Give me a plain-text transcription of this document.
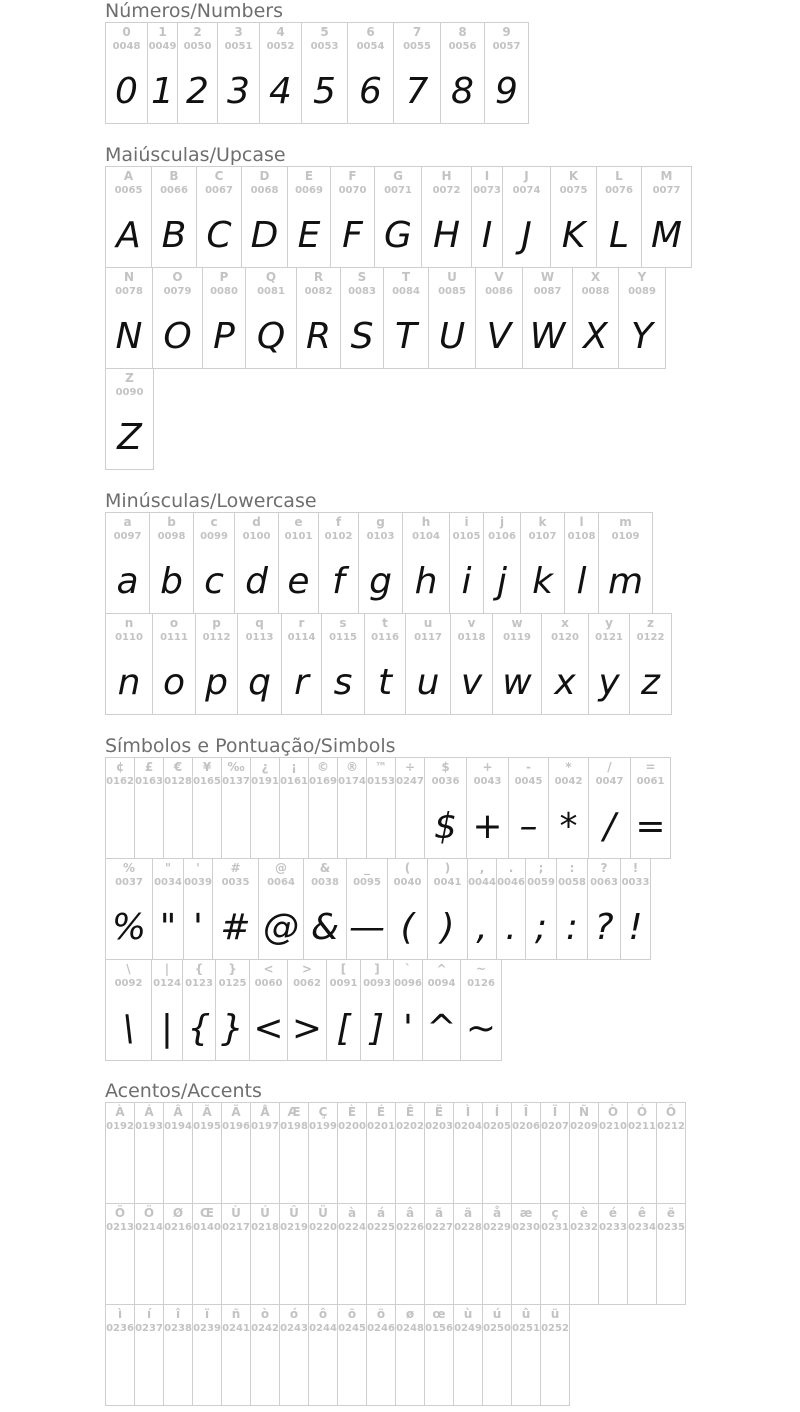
Números/Numbers
0
0048
0
1
0049
1
2
0050
2
3
0051
3
4
0052
4
5
0053
5
6
0054
6
7
0055
7
8
0056
8
9
0057
9
Maiúsculas/Upcase
A
0065
A
B
0066
B
C
0067
C
D
0068
D
E
0069
E
F
0070
F
G
0071
G
H
0072
H
I
0073
I
J
0074
J
K
0075
K
L
0076
L
M
0077
M
N
0078
N
O
0079
O
P
0080
P
Q
0081
Q
R
0082
R
S
0083
S
T
0084
T
U
0085
U
V
0086
V
W
0087
W
X
0088
X
Y
0089
Y
Z
0090
Z
Minúsculas/Lowercase
a
0097
a
b
0098
b
c
0099
c
d
0100
d
e
0101
e
f
0102
f
g
0103
g
h
0104
h
i
0105
i
j
0106
j
k
0107
k
l
0108
l
m
0109
m
n
0110
n
o
0111
o
p
0112
p
q
0113
q
r
0114
r
s
0115
s
t
0116
t
u
0117
u
v
0118
v
w
0119
w
x
0120
x
y
0121
y
z
0122
z
Símbolos e Pontuação/Simbols
¢
0162
£
0163
€
0128
¥
0165
‰
0137
¿
0191
¡
0161
©
0169
®
0174
™
0153
÷
0247
$
0036
$
+
0043
+
-
0045
–
*
0042
*
/
0047
/
=
0061
=
%
0037
%
"
0034
"
'
0039
'
#
0035
#
@
0064
@
&
0038
&
_
0095
—
(
0040
(
)
0041
)
,
0044
,
.
0046
.
;
0059
;
:
0058
:
?
0063
?
!
0033
!
\
0092
\
|
0124
|
{
0123
{
}
0125
}
<
0060
<
>
0062
>
[
0091
[
]
0093
]
`
0096
'
^
0094
^
~
0126
~
Acentos/Accents
À
0192
Á
0193
Â
0194
Ã
0195
Ä
0196
Å
0197
Æ
0198
Ç
0199
È
0200
É
0201
Ê
0202
Ë
0203
Ì
0204
Í
0205
Î
0206
Ï
0207
Ñ
0209
Ò
0210
Ó
0211
Ô
0212
Ö
0213
Ö
0214
Ø
0216
Œ
0140
Ù
0217
Ú
0218
Û
0219
Ü
0220
à
0224
á
0225
â
0226
ã
0227
ä
0228
å
0229
æ
0230
ç
0231
è
0232
é
0233
ê
0234
ë
0235
ì
0236
í
0237
î
0238
ï
0239
ñ
0241
ò
0242
ó
0243
ô
0244
õ
0245
ö
0246
ø
0248
œ
0156
ù
0249
ú
0250
û
0251
ü
0252
